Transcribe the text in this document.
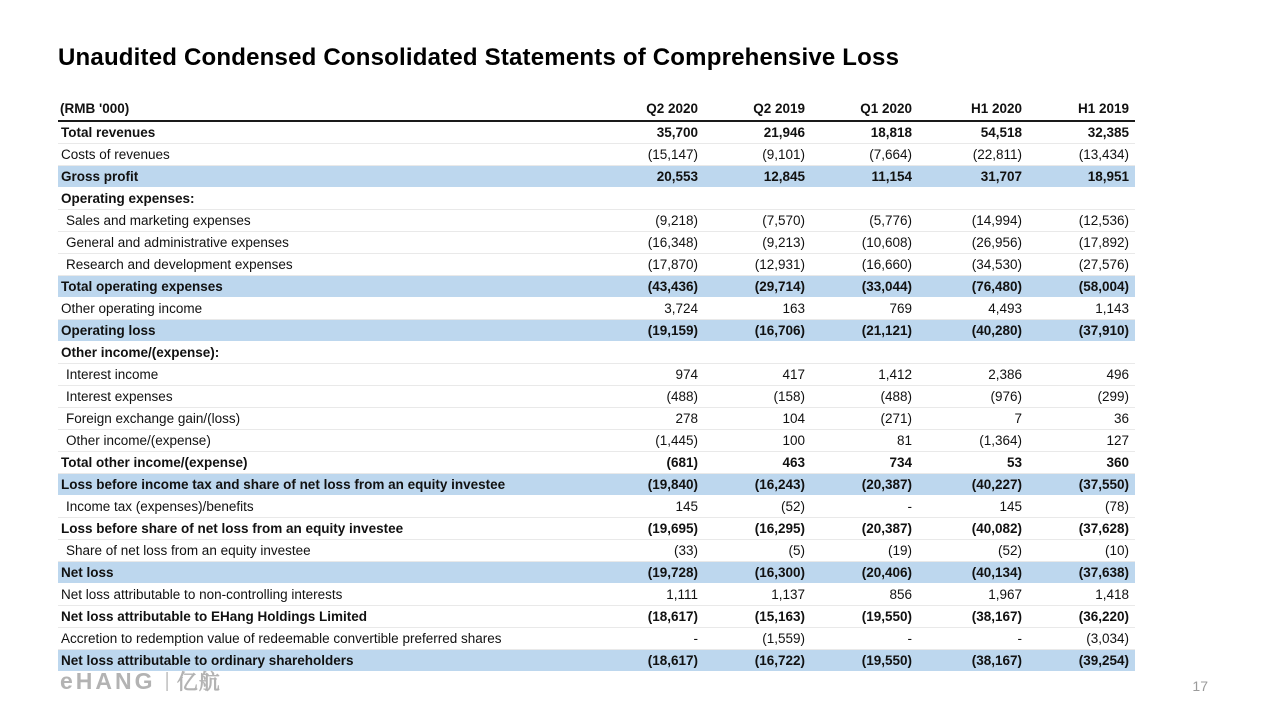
Unaudited Condensed Consolidated Statements of Comprehensive Loss
(RMB '000)	Q2 2020	Q2 2019	Q1 2020	H1 2020	H1 2019
Total revenues	35,700	21,946	18,818	54,518	32,385
Costs of revenues	(15,147)	(9,101)	(7,664)	(22,811)	(13,434)
Gross profit	20,553	12,845	11,154	31,707	18,951
Operating expenses:					
Sales and marketing expenses	(9,218)	(7,570)	(5,776)	(14,994)	(12,536)
General and administrative expenses	(16,348)	(9,213)	(10,608)	(26,956)	(17,892)
Research and development expenses	(17,870)	(12,931)	(16,660)	(34,530)	(27,576)
Total operating expenses	(43,436)	(29,714)	(33,044)	(76,480)	(58,004)
Other operating income	3,724	163	769	4,493	1,143
Operating loss	(19,159)	(16,706)	(21,121)	(40,280)	(37,910)
Other income/(expense):					
Interest income	974	417	1,412	2,386	496
Interest expenses	(488)	(158)	(488)	(976)	(299)
Foreign exchange gain/(loss)	278	104	(271)	7	36
Other income/(expense)	(1,445)	100	81	(1,364)	127
Total other income/(expense)	(681)	463	734	53	360
Loss before income tax and share of net loss from an equity investee	(19,840)	(16,243)	(20,387)	(40,227)	(37,550)
Income tax (expenses)/benefits	145	(52)	-	145	(78)
Loss before share of net loss from an equity investee	(19,695)	(16,295)	(20,387)	(40,082)	(37,628)
Share of net loss from an equity investee	(33)	(5)	(19)	(52)	(10)
Net loss	(19,728)	(16,300)	(20,406)	(40,134)	(37,638)
Net loss attributable to non-controlling interests	1,111	1,137	856	1,967	1,418
Net loss attributable to EHang Holdings Limited	(18,617)	(15,163)	(19,550)	(38,167)	(36,220)
Accretion to redemption value of redeemable convertible preferred shares	-	(1,559)	-	-	(3,034)
Net loss attributable to ordinary shareholders	(18,617)	(16,722)	(19,550)	(38,167)	(39,254)
eHANG | 亿航	17
